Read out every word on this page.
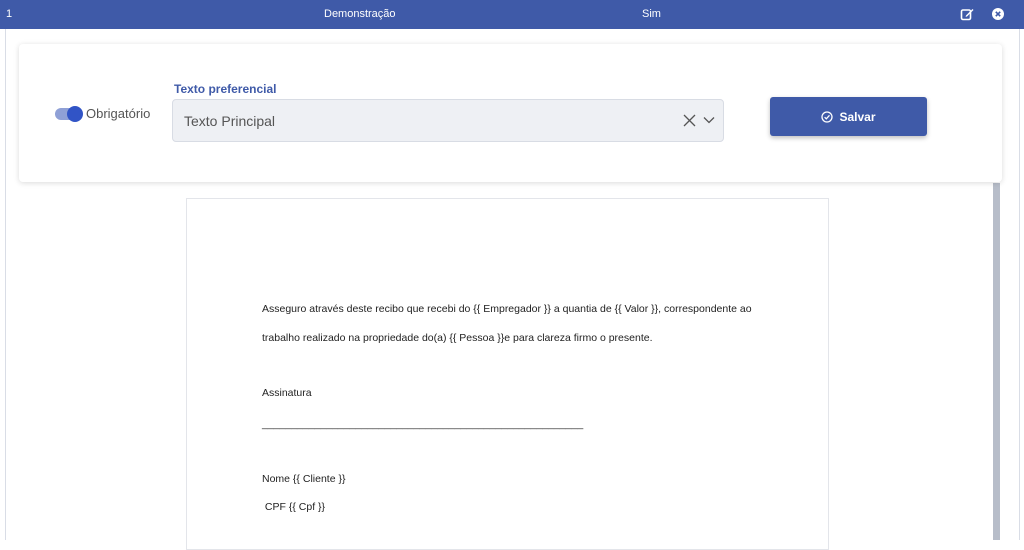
1	Demonstração	Sim
Obrigatório
Texto preferencial
Texto Principal	Salvar
Asseguro através deste recibo que recebi do {{ Empregador }} a quantia de {{ Valor }}, correspondente ao
trabalho realizado na propriedade do(a) {{ Pessoa }}e para clareza firmo o presente.
Assinatura
_______________________________________________________
Nome {{ Cliente }}
CPF {{ Cpf }}
